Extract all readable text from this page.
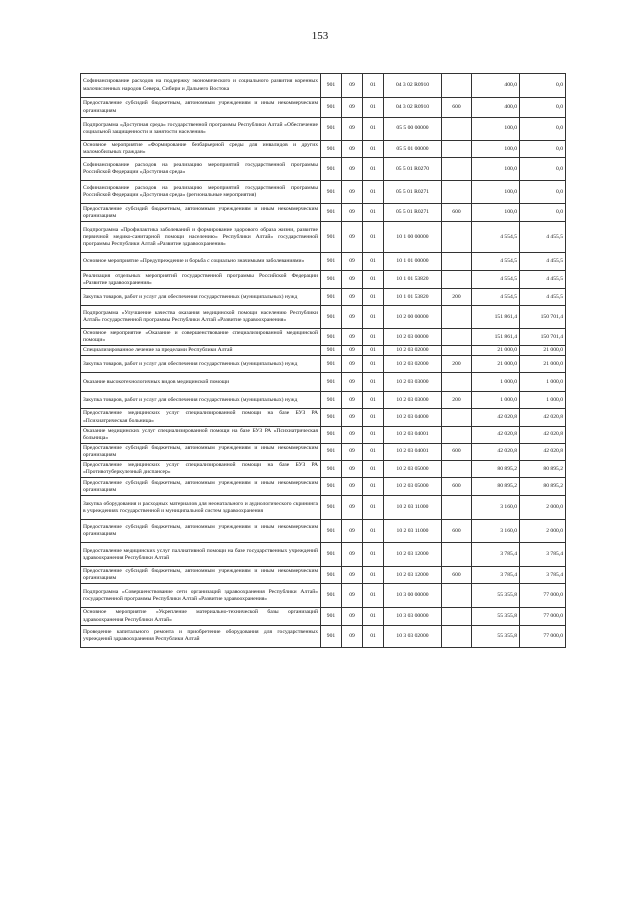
153
Софинансирование расходов на поддержку экономического и социального развития коренных малочисленных народов Севера, Сибири и Дальнего Востока	901	09	01	04 3 02 R0910		400,0	0,0
Предоставление субсидий бюджетным, автономным учреждениям и иным некоммерческим организациям	901	09	01	04 3 02 R0910	600	400,0	0,0
Подпрограмма «Доступная среда» государственной программы Республики Алтай «Обеспечение социальной защищенности и занятости населения»	901	09	01	05 5 00 00000		100,0	0,0
Основное мероприятие «Формирование безбарьерной среды для инвалидов и других маломобильных граждан»	901	09	01	05 5 01 00000		100,0	0,0
Софинансирование расходов на реализацию мероприятий государственной программы Российской Федерации «Доступная среда»	901	09	01	05 5 01 R0270		100,0	0,0
Софинансирование расходов на реализацию мероприятий государственной программы Российской Федерации «Доступная среда» (региональные мероприятия)	901	09	01	05 5 01 R0271		100,0	0,0
Предоставление субсидий бюджетным, автономным учреждениям и иным некоммерческим организациям	901	09	01	05 5 01 R0271	600	100,0	0,0
Подпрограмма «Профилактика заболеваний и формирование здорового образа жизни, развитие первичной медико-санитарной помощи населению» Республики Алтай» государственной программы Республики Алтай «Развитие здравоохранения»	901	09	01	10 1 00 00000		4 554,5	4 455,5
Основное мероприятие «Предупреждение и борьба с социально значимыми заболеваниями»	901	09	01	10 1 01 00000		4 554,5	4 455,5
Реализация отдельных мероприятий государственной программы Российской Федерации «Развитие здравоохранения»	901	09	01	10 1 01 53820		4 554,5	4 455,5
Закупка товаров, работ и услуг для обеспечения государственных (муниципальных) нужд	901	09	01	10 1 01 53820	200	4 554,5	4 455,5
Подпрограмма «Улучшение качества оказания медицинской помощи населению Республики Алтай» государственной программы Республики Алтай «Развитие здравоохранения»	901	09	01	10 2 00 00000		151 861,4	150 701,4
Основное мероприятие «Оказание и совершенствование специализированной медицинской помощи»	901	09	01	10 2 03 00000		151 861,4	150 701,4
Специализированное лечение за пределами Республики Алтай	901	09	01	10 2 03 02000		21 000,0	21 000,0
Закупка товаров, работ и услуг для обеспечения государственных (муниципальных) нужд	901	09	01	10 2 03 02000	200	21 000,0	21 000,0
Оказание высокотехнологичных видов медицинской помощи	901	09	01	10 2 03 03000		1 000,0	1 000,0
Закупка товаров, работ и услуг для обеспечения государственных (муниципальных) нужд	901	09	01	10 2 03 03000	200	1 000,0	1 000,0
Предоставление медицинских услуг специализированной помощи на базе БУЗ РА «Психиатрическая больница»	901	09	01	10 2 03 04000		42 020,8	42 020,8
Оказание медицинских услуг специализированной помощи на базе БУЗ РА «Психиатрическая больница»	901	09	01	10 2 03 04001		42 020,8	42 020,8
Предоставление субсидий бюджетным, автономным учреждениям и иным некоммерческим организациям	901	09	01	10 2 03 04001	600	42 020,8	42 020,8
Предоставление медицинских услуг специализированной помощи на базе БУЗ РА «Противотуберкулезный диспансер»	901	09	01	10 2 03 05000		80 895,2	80 895,2
Предоставление субсидий бюджетным, автономным учреждениям и иным некоммерческим организациям	901	09	01	10 2 03 05000	600	80 895,2	80 895,2
Закупка оборудования и расходных материалов для неонатального и аудиологического скрининга в учреждениях государственной и муниципальной систем здравоохранения	901	09	01	10 2 03 11000		3 160,0	2 000,0
Предоставление субсидий бюджетным, автономным учреждениям и иным некоммерческим организациям	901	09	01	10 2 03 11000	600	3 160,0	2 000,0
Предоставление медицинских услуг паллиативной помощи на базе государственных учреждений здравоохранения Республики Алтай	901	09	01	10 2 03 12000		3 785,4	3 785,4
Предоставление субсидий бюджетным, автономным учреждениям и иным некоммерческим организациям	901	09	01	10 2 03 12000	600	3 785,4	3 785,4
Подпрограмма «Совершенствование сети организаций здравоохранения Республики Алтай» государственной программы Республики Алтай «Развитие здравоохранения»	901	09	01	10 3 00 00000		55 355,8	77 000,0
Основное мероприятие «Укрепление материально-технической базы организаций здравоохранения Республики Алтай»	901	09	01	10 3 03 00000		55 355,8	77 000,0
Проведение капитального ремонта и приобретение оборудования для государственных учреждений здравоохранения Республики Алтай	901	09	01	10 3 03 02000		55 355,8	77 000,0
